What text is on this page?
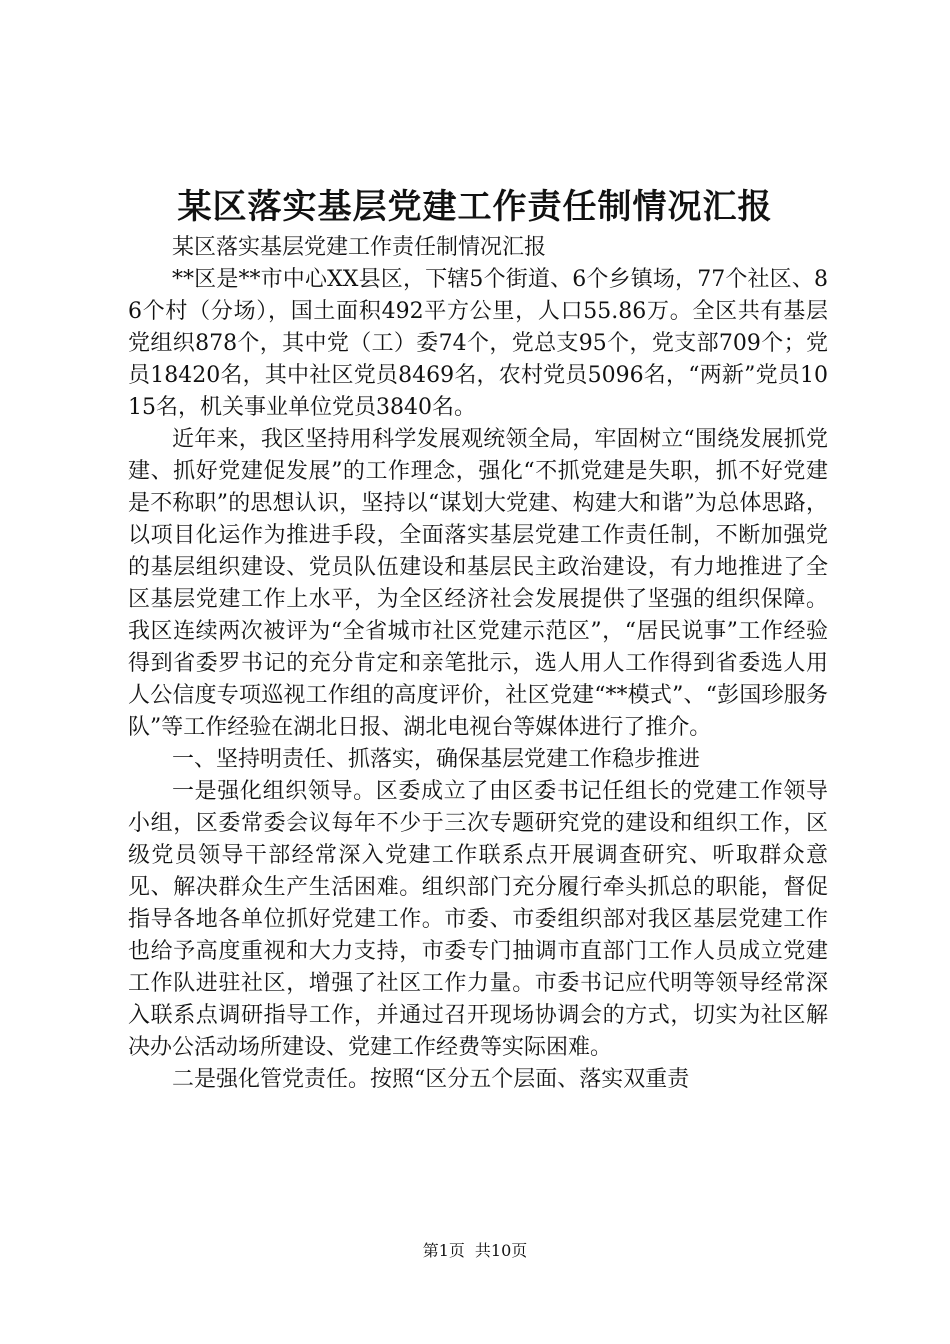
某区落实基层党建工作责任制情况汇报

某区落实基层党建工作责任制情况汇报

**区是**市中心XX县区，下辖5个街道、6个乡镇场，77个社区、86个村（分场），国土面积492平方公里，人口55.86万。全区共有基层党组织878个，其中党（工）委74个，党总支95个，党支部709个；党员18420名，其中社区党员8469名，农村党员5096名，“两新”党员1015名，机关事业单位党员3840名。

近年来，我区坚持用科学发展观统领全局，牢固树立“围绕发展抓党建、抓好党建促发展”的工作理念，强化“不抓党建是失职，抓不好党建是不称职”的思想认识，坚持以“谋划大党建、构建大和谐”为总体思路，以项目化运作为推进手段，全面落实基层党建工作责任制，不断加强党的基层组织建设、党员队伍建设和基层民主政治建设，有力地推进了全区基层党建工作上水平，为全区经济社会发展提供了坚强的组织保障。我区连续两次被评为“全省城市社区党建示范区”，“居民说事”工作经验得到省委罗书记的充分肯定和亲笔批示，选人用人工作得到省委选人用人公信度专项巡视工作组的高度评价，社区党建“**模式”、“彭国珍服务队”等工作经验在湖北日报、湖北电视台等媒体进行了推介。

一、坚持明责任、抓落实，确保基层党建工作稳步推进

一是强化组织领导。区委成立了由区委书记任组长的党建工作领导小组，区委常委会议每年不少于三次专题研究党的建设和组织工作，区级党员领导干部经常深入党建工作联系点开展调查研究、听取群众意见、解决群众生产生活困难。组织部门充分履行牵头抓总的职能，督促指导各地各单位抓好党建工作。市委、市委组织部对我区基层党建工作也给予高度重视和大力支持，市委专门抽调市直部门工作人员成立党建工作队进驻社区，增强了社区工作力量。市委书记应代明等领导经常深入联系点调研指导工作，并通过召开现场协调会的方式，切实为社区解决办公活动场所建设、党建工作经费等实际困难。

二是强化管党责任。按照“区分五个层面、落实双重责

第1页 共10页
